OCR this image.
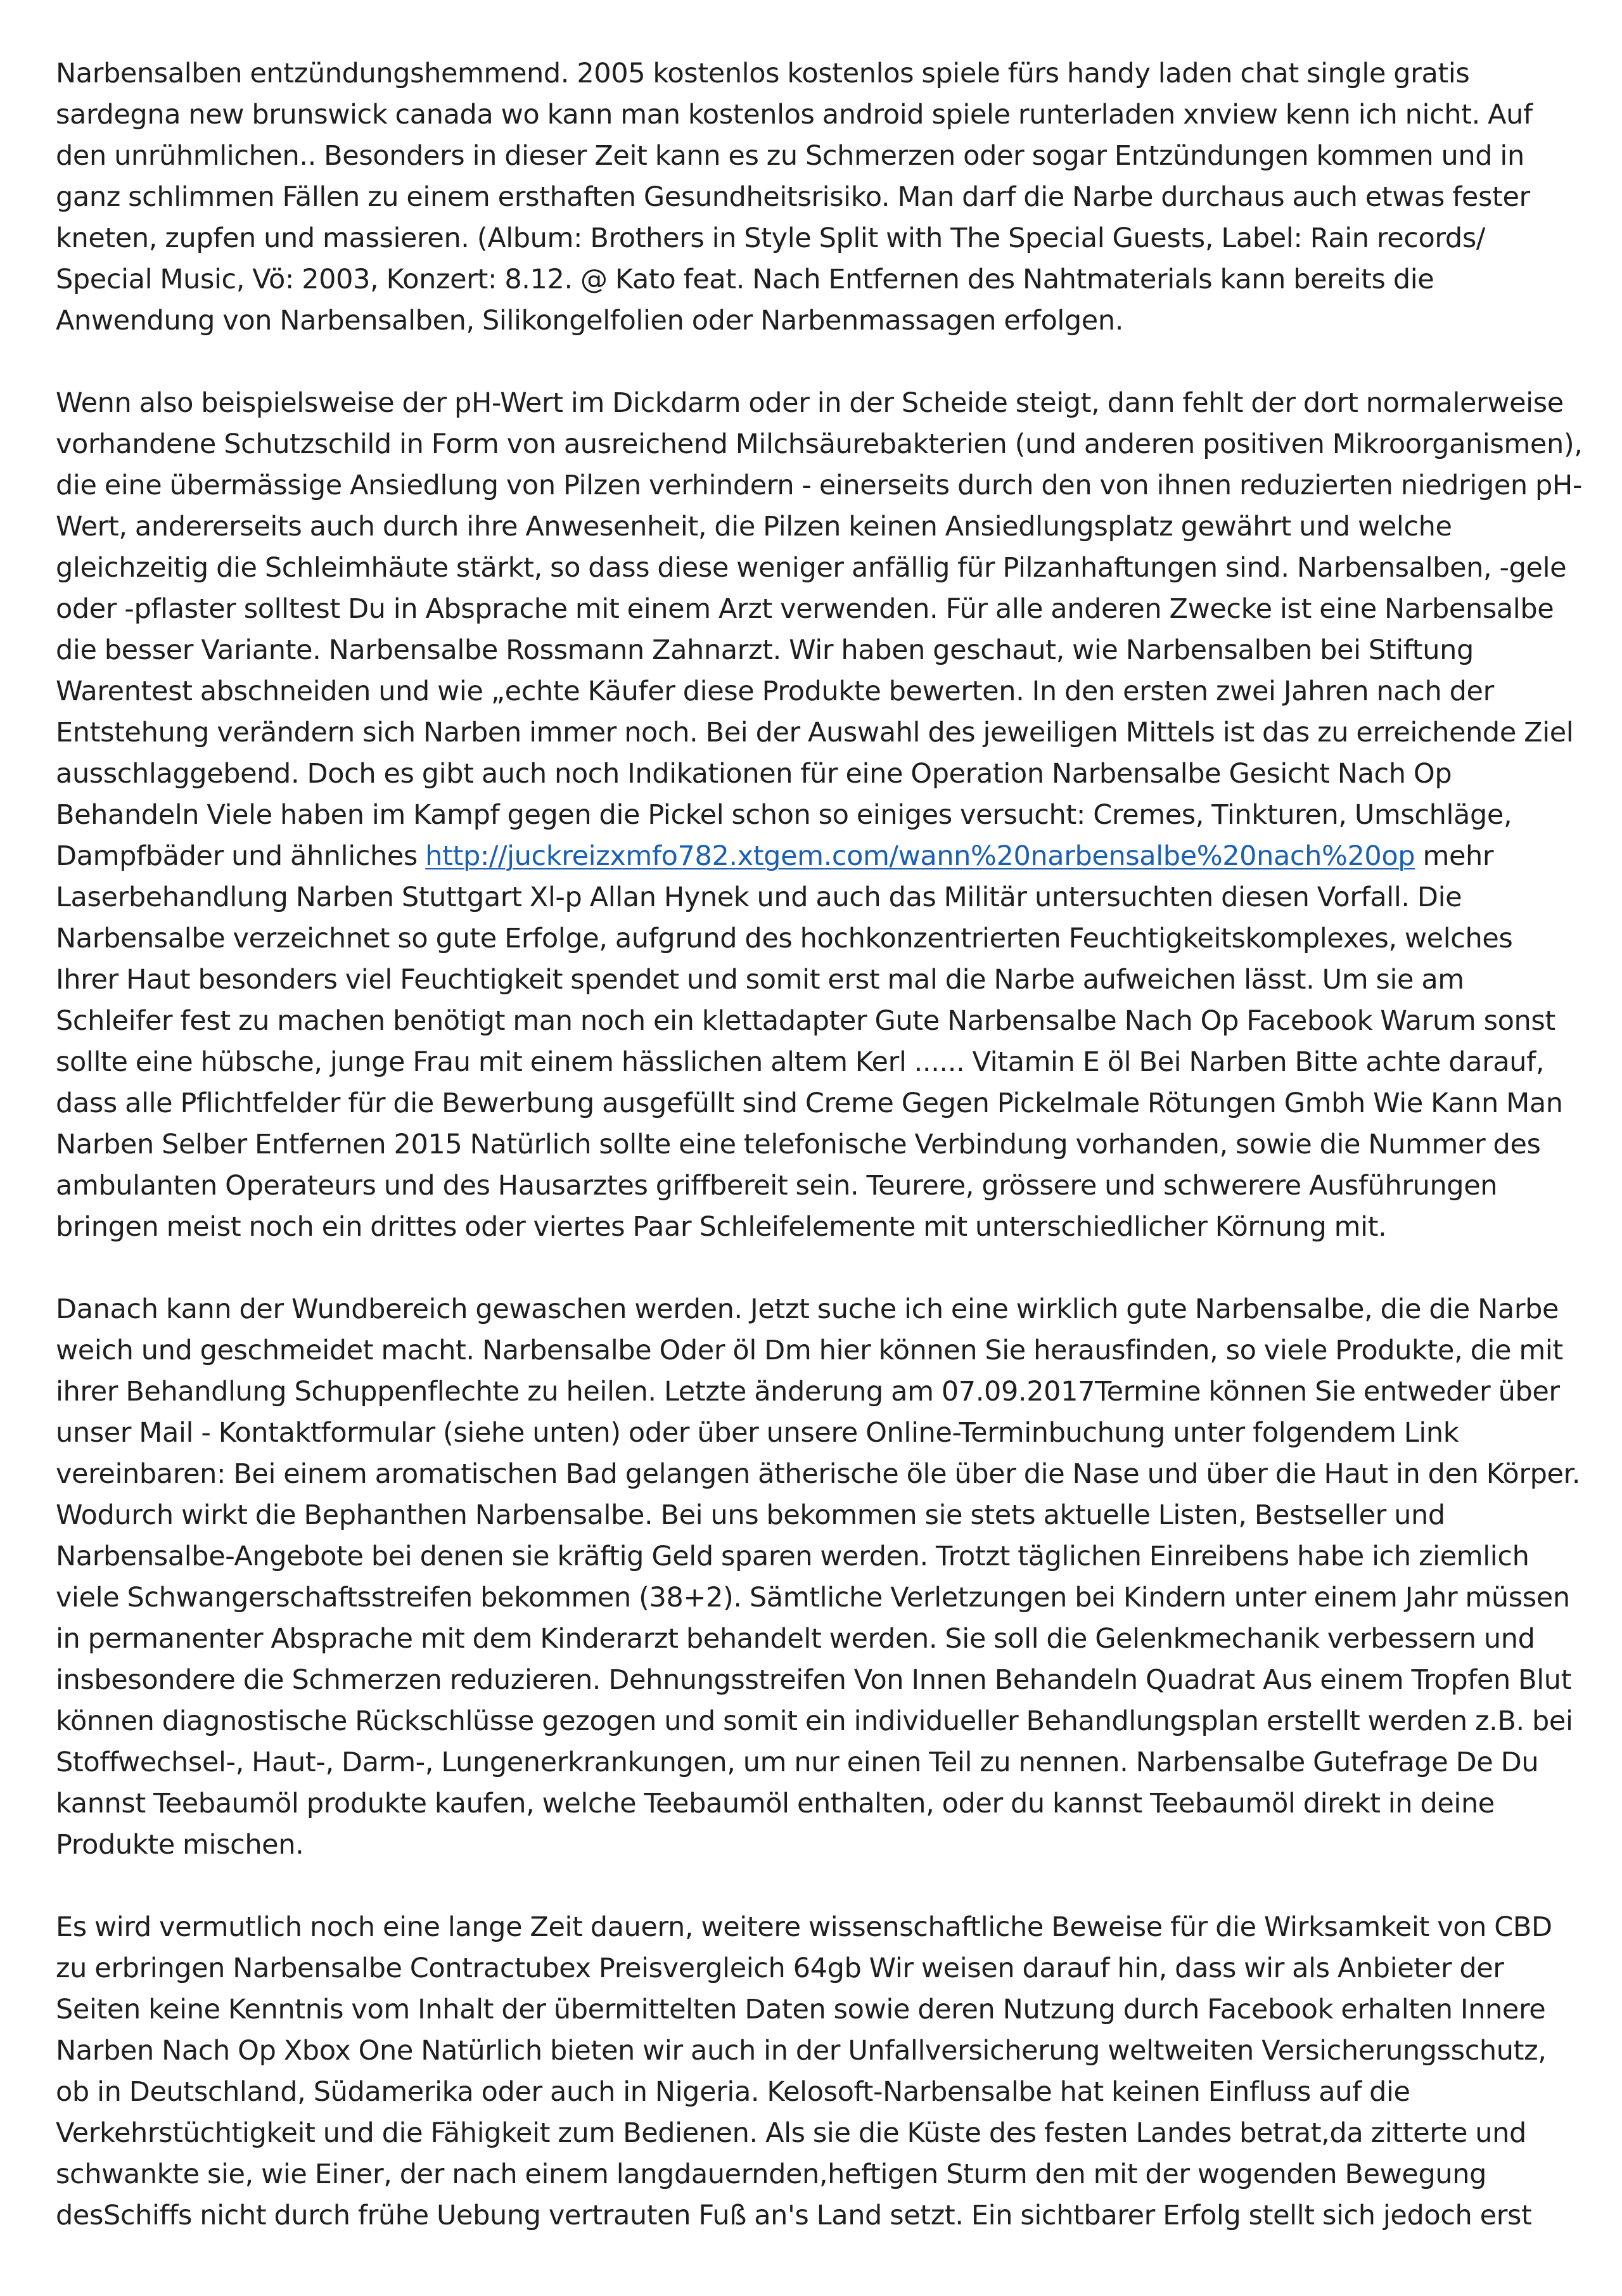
Narbensalben entzündungshemmend. 2005 kostenlos kostenlos spiele fürs handy laden chat single gratis sardegna new brunswick canada wo kann man kostenlos android spiele runterladen xnview kenn ich nicht. Auf den unrühmlichen.. Besonders in dieser Zeit kann es zu Schmerzen oder sogar Entzündungen kommen und in ganz schlimmen Fällen zu einem ersthaften Gesundheitsrisiko. Man darf die Narbe durchaus auch etwas fester kneten, zupfen und massieren. (Album: Brothers in Style Split with The Special Guests, Label: Rain records/ Special Music, Vö: 2003, Konzert: 8.12. @ Kato feat. Nach Entfernen des Nahtmaterials kann bereits die Anwendung von Narbensalben, Silikongelfolien oder Narbenmassagen erfolgen.

Wenn also beispielsweise der pH-Wert im Dickdarm oder in der Scheide steigt, dann fehlt der dort normalerweise vorhandene Schutzschild in Form von ausreichend Milchsäurebakterien (und anderen positiven Mikroorganismen), die eine übermässige Ansiedlung von Pilzen verhindern - einerseits durch den von ihnen reduzierten niedrigen pH-Wert, andererseits auch durch ihre Anwesenheit, die Pilzen keinen Ansiedlungsplatz gewährt und welche gleichzeitig die Schleimhäute stärkt, so dass diese weniger anfällig für Pilzanhaftungen sind. Narbensalben, -gele oder -pflaster solltest Du in Absprache mit einem Arzt verwenden. Für alle anderen Zwecke ist eine Narbensalbe die besser Variante. Narbensalbe Rossmann Zahnarzt. Wir haben geschaut, wie Narbensalben bei Stiftung Warentest abschneiden und wie „echte Käufer diese Produkte bewerten. In den ersten zwei Jahren nach der Entstehung verändern sich Narben immer noch. Bei der Auswahl des jeweiligen Mittels ist das zu erreichende Ziel ausschlaggebend. Doch es gibt auch noch Indikationen für eine Operation Narbensalbe Gesicht Nach Op Behandeln Viele haben im Kampf gegen die Pickel schon so einiges versucht: Cremes, Tinkturen, Umschläge, Dampfbäder und ähnliches http://juckreizxmfo782.xtgem.com/wann%20narbensalbe%20nach%20op mehr Laserbehandlung Narben Stuttgart Xl-p Allan Hynek und auch das Militär untersuchten diesen Vorfall. Die Narbensalbe verzeichnet so gute Erfolge, aufgrund des hochkonzentrierten Feuchtigkeitskomplexes, welches Ihrer Haut besonders viel Feuchtigkeit spendet und somit erst mal die Narbe aufweichen lässt. Um sie am Schleifer fest zu machen benötigt man noch ein klettadapter Gute Narbensalbe Nach Op Facebook Warum sonst sollte eine hübsche, junge Frau mit einem hässlichen altem Kerl ...... Vitamin E öl Bei Narben Bitte achte darauf, dass alle Pflichtfelder für die Bewerbung ausgefüllt sind Creme Gegen Pickelmale Rötungen Gmbh Wie Kann Man Narben Selber Entfernen 2015 Natürlich sollte eine telefonische Verbindung vorhanden, sowie die Nummer des ambulanten Operateurs und des Hausarztes griffbereit sein. Teurere, grössere und schwerere Ausführungen bringen meist noch ein drittes oder viertes Paar Schleifelemente mit unterschiedlicher Körnung mit.

Danach kann der Wundbereich gewaschen werden. Jetzt suche ich eine wirklich gute Narbensalbe, die die Narbe weich und geschmeidet macht. Narbensalbe Oder öl Dm hier können Sie herausfinden, so viele Produkte, die mit ihrer Behandlung Schuppenflechte zu heilen. Letzte änderung am 07.09.2017Termine können Sie entweder über unser Mail - Kontaktformular (siehe unten) oder über unsere Online-Terminbuchung unter folgendem Link vereinbaren: Bei einem aromatischen Bad gelangen ätherische öle über die Nase und über die Haut in den Körper. Wodurch wirkt die Bephanthen Narbensalbe. Bei uns bekommen sie stets aktuelle Listen, Bestseller und Narbensalbe-Angebote bei denen sie kräftig Geld sparen werden. Trotzt täglichen Einreibens habe ich ziemlich viele Schwangerschaftsstreifen bekommen (38+2). Sämtliche Verletzungen bei Kindern unter einem Jahr müssen in permanenter Absprache mit dem Kinderarzt behandelt werden. Sie soll die Gelenkmechanik verbessern und insbesondere die Schmerzen reduzieren. Dehnungsstreifen Von Innen Behandeln Quadrat Aus einem Tropfen Blut können diagnostische Rückschlüsse gezogen und somit ein individueller Behandlungsplan erstellt werden z.B. bei Stoffwechsel-, Haut-, Darm-, Lungenerkrankungen, um nur einen Teil zu nennen. Narbensalbe Gutefrage De Du kannst Teebaumöl produkte kaufen, welche Teebaumöl enthalten, oder du kannst Teebaumöl direkt in deine Produkte mischen.

Es wird vermutlich noch eine lange Zeit dauern, weitere wissenschaftliche Beweise für die Wirksamkeit von CBD zu erbringen Narbensalbe Contractubex Preisvergleich 64gb Wir weisen darauf hin, dass wir als Anbieter der Seiten keine Kenntnis vom Inhalt der übermittelten Daten sowie deren Nutzung durch Facebook erhalten Innere Narben Nach Op Xbox One Natürlich bieten wir auch in der Unfallversicherung weltweiten Versicherungsschutz, ob in Deutschland, Südamerika oder auch in Nigeria. Kelosoft-Narbensalbe hat keinen Einfluss auf die Verkehrstüchtigkeit und die Fähigkeit zum Bedienen. Als sie die Küste des festen Landes betrat,da zitterte und schwankte sie, wie Einer, der nach einem langdauernden,heftigen Sturm den mit der wogenden Bewegung desSchiffs nicht durch frühe Uebung vertrauten Fuß an's Land setzt. Ein sichtbarer Erfolg stellt sich jedoch erst
